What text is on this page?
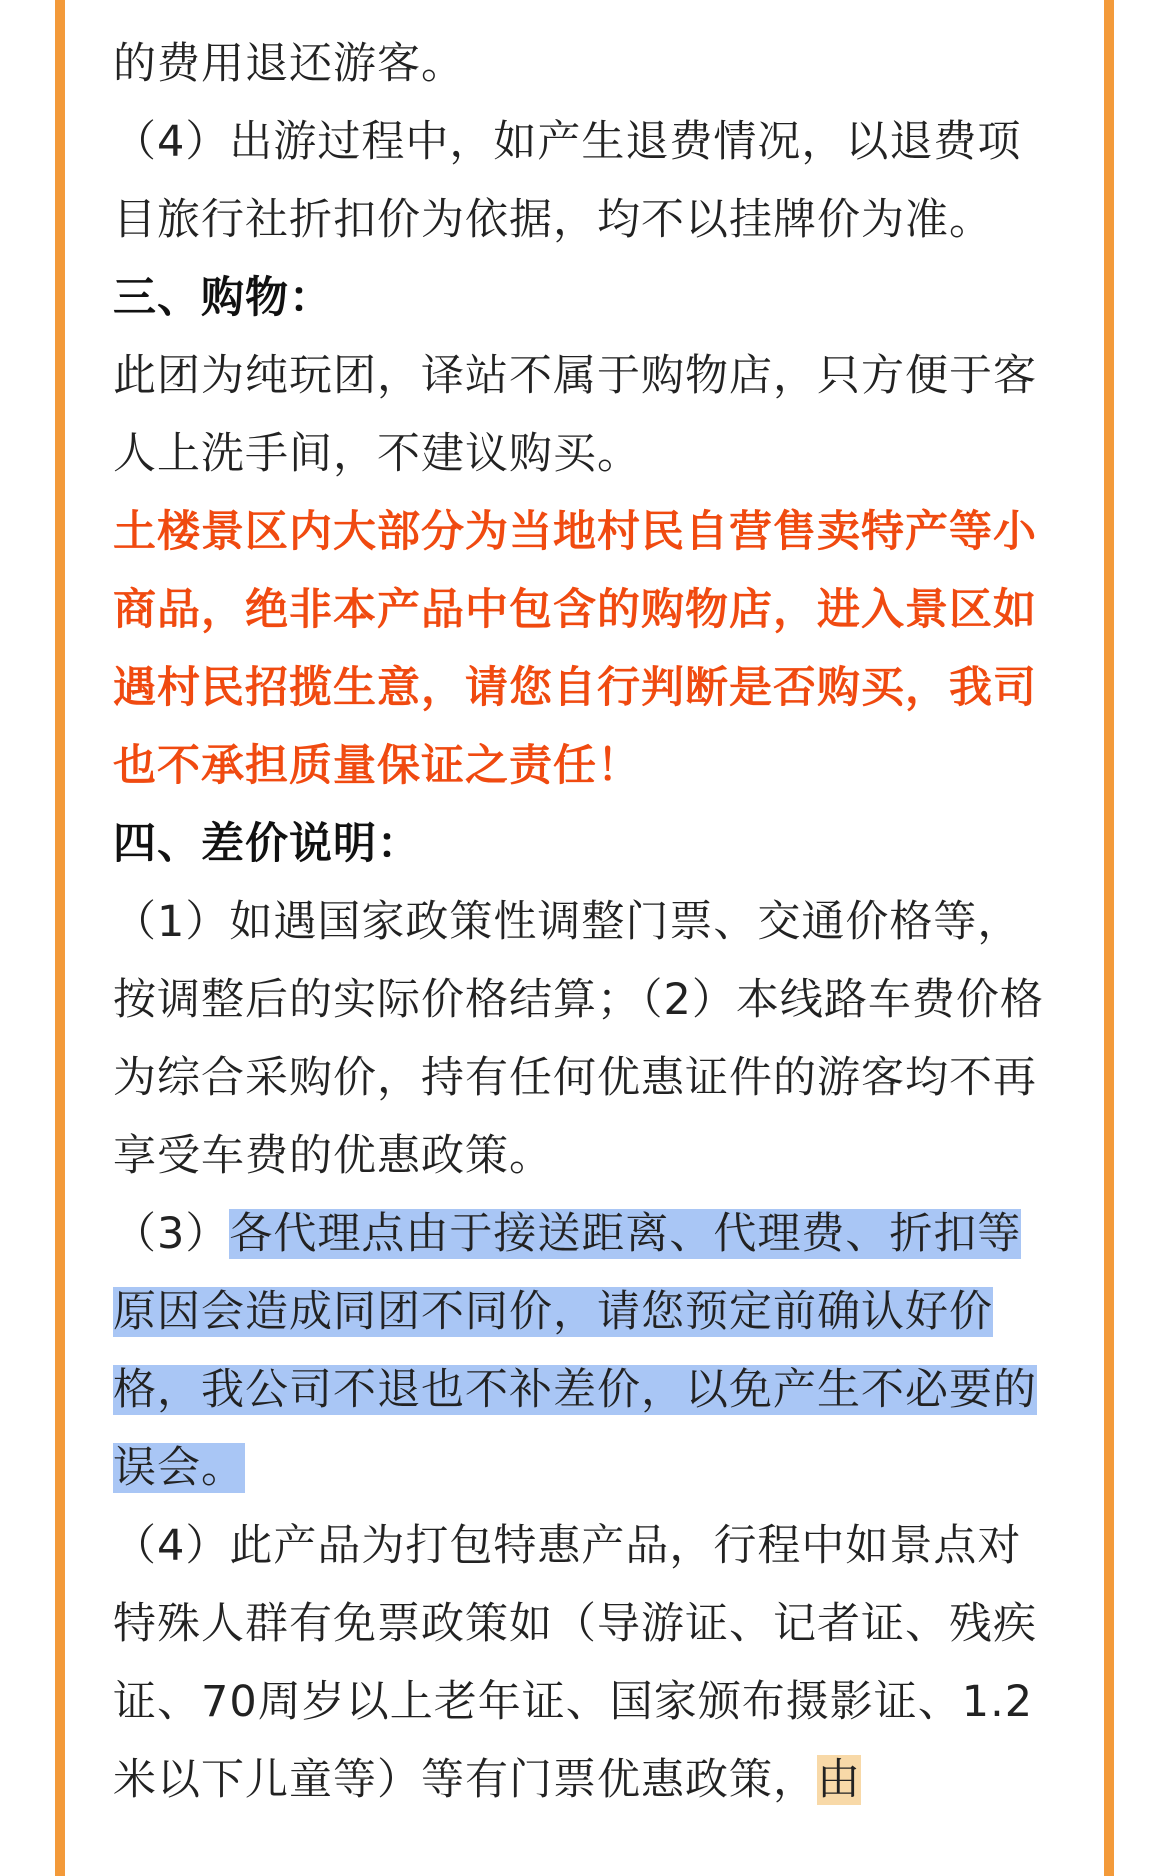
的费用退还游客。

（4）出游过程中，如产生退费情况，以退费项目旅行社折扣价为依据，均不以挂牌价为准。

三、购物：

此团为纯玩团，译站不属于购物店，只方便于客人上洗手间，不建议购买。

土楼景区内大部分为当地村民自营售卖特产等小商品，绝非本产品中包含的购物店，进入景区如遇村民招揽生意，请您自行判断是否购买，我司也不承担质量保证之责任！

四、差价说明：

（1）如遇国家政策性调整门票、交通价格等，按调整后的实际价格结算；（2）本线路车费价格为综合采购价，持有任何优惠证件的游客均不再享受车费的优惠政策。

（3）各代理点由于接送距离、代理费、折扣等原因会造成同团不同价，请您预定前确认好价格，我公司不退也不补差价，以免产生不必要的误会。

（4）此产品为打包特惠产品，行程中如景点对特殊人群有免票政策如（导游证、记者证、残疾证、70周岁以上老年证、国家颁布摄影证、1.2米以下儿童等）等有门票优惠政策，由
